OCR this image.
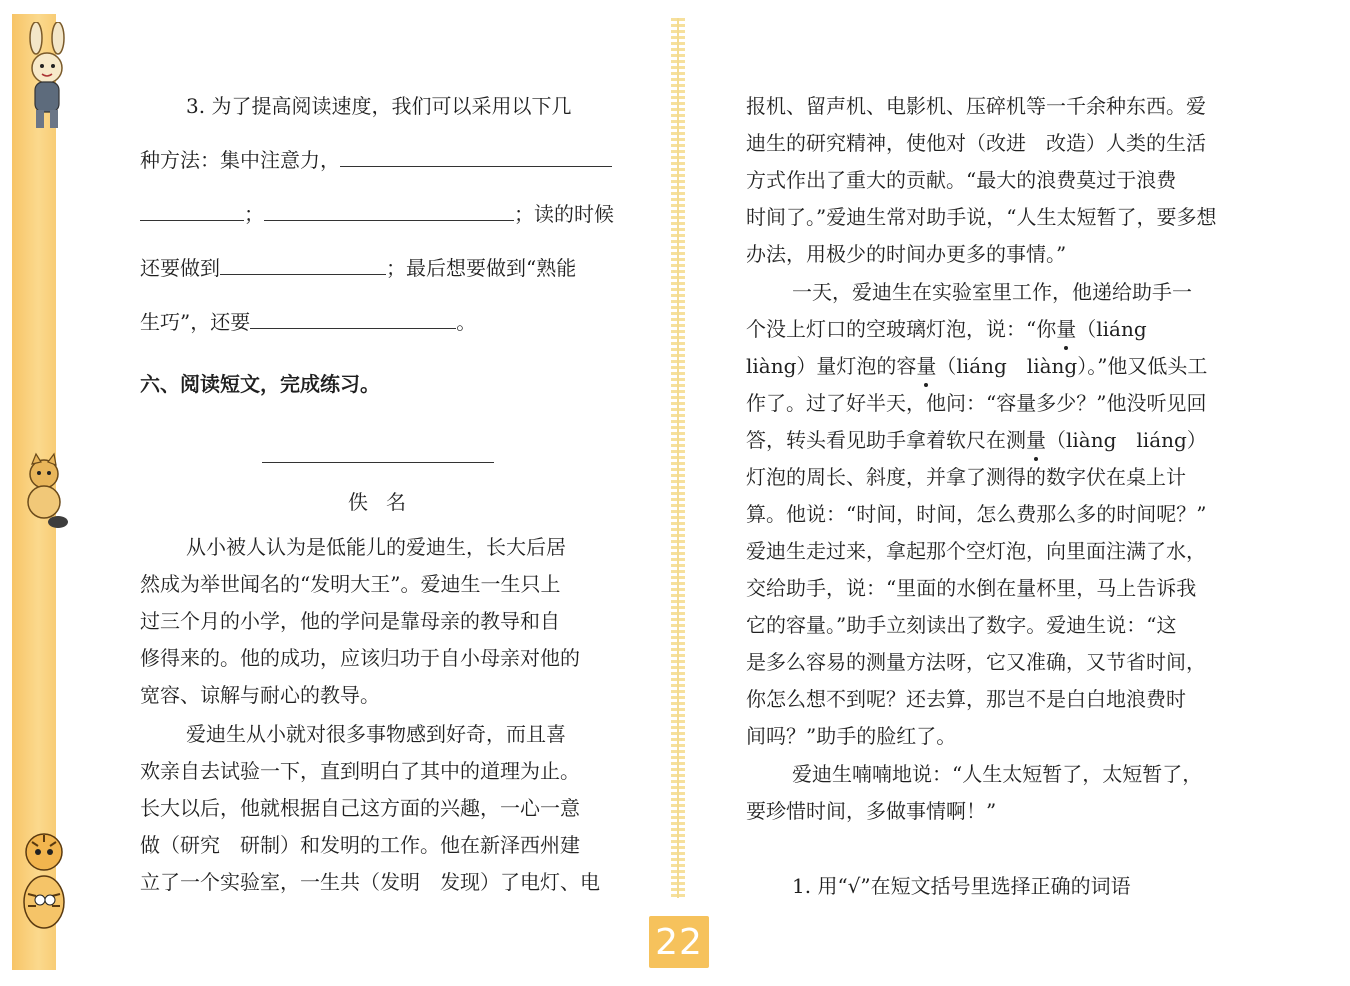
22
3. 为了提高阅读速度，我们可以采用以下几
种方法：集中注意力，
；	；读的时候
还要做到	；最后想要做到“熟能
生巧”，还要	。
六、阅读短文，完成练习。
佚名
从小被人认为是低能儿的爱迪生，长大后居
然成为举世闻名的“发明大王”。爱迪生一生只上
过三个月的小学，他的学问是靠母亲的教导和自
修得来的。他的成功，应该归功于自小母亲对他的
宽容、谅解与耐心的教导。
爱迪生从小就对很多事物感到好奇，而且喜
欢亲自去试验一下，直到明白了其中的道理为止。
长大以后，他就根据自己这方面的兴趣，一心一意
做（研究　研制）和发明的工作。他在新泽西州建
立了一个实验室，一生共（发明　发现）了电灯、电
报机、留声机、电影机、压碎机等一千余种东西。爱
迪生的研究精神，使他对（改进　改造）人类的生活
方式作出了重大的贡献。“最大的浪费莫过于浪费
时间了。”爱迪生常对助手说，“人生太短暂了，要多想
办法，用极少的时间办更多的事情。”
一天，爱迪生在实验室里工作，他递给助手一
个没上灯口的空玻璃灯泡，说：“你量（liáng
liàng）量灯泡的容量（liáng　liàng）。”他又低头工
作了。过了好半天，他问：“容量多少？”他没听见回
答，转头看见助手拿着软尺在测量（liàng　liáng）
灯泡的周长、斜度，并拿了测得的数字伏在桌上计
算。他说：“时间，时间，怎么费那么多的时间呢？”
爱迪生走过来，拿起那个空灯泡，向里面注满了水，
交给助手，说：“里面的水倒在量杯里，马上告诉我
它的容量。”助手立刻读出了数字。爱迪生说：“这
是多么容易的测量方法呀，它又准确，又节省时间，
你怎么想不到呢？还去算，那岂不是白白地浪费时
间吗？”助手的脸红了。
爱迪生喃喃地说：“人生太短暂了，太短暂了，
要珍惜时间，多做事情啊！”
1. 用“√”在短文括号里选择正确的词语
